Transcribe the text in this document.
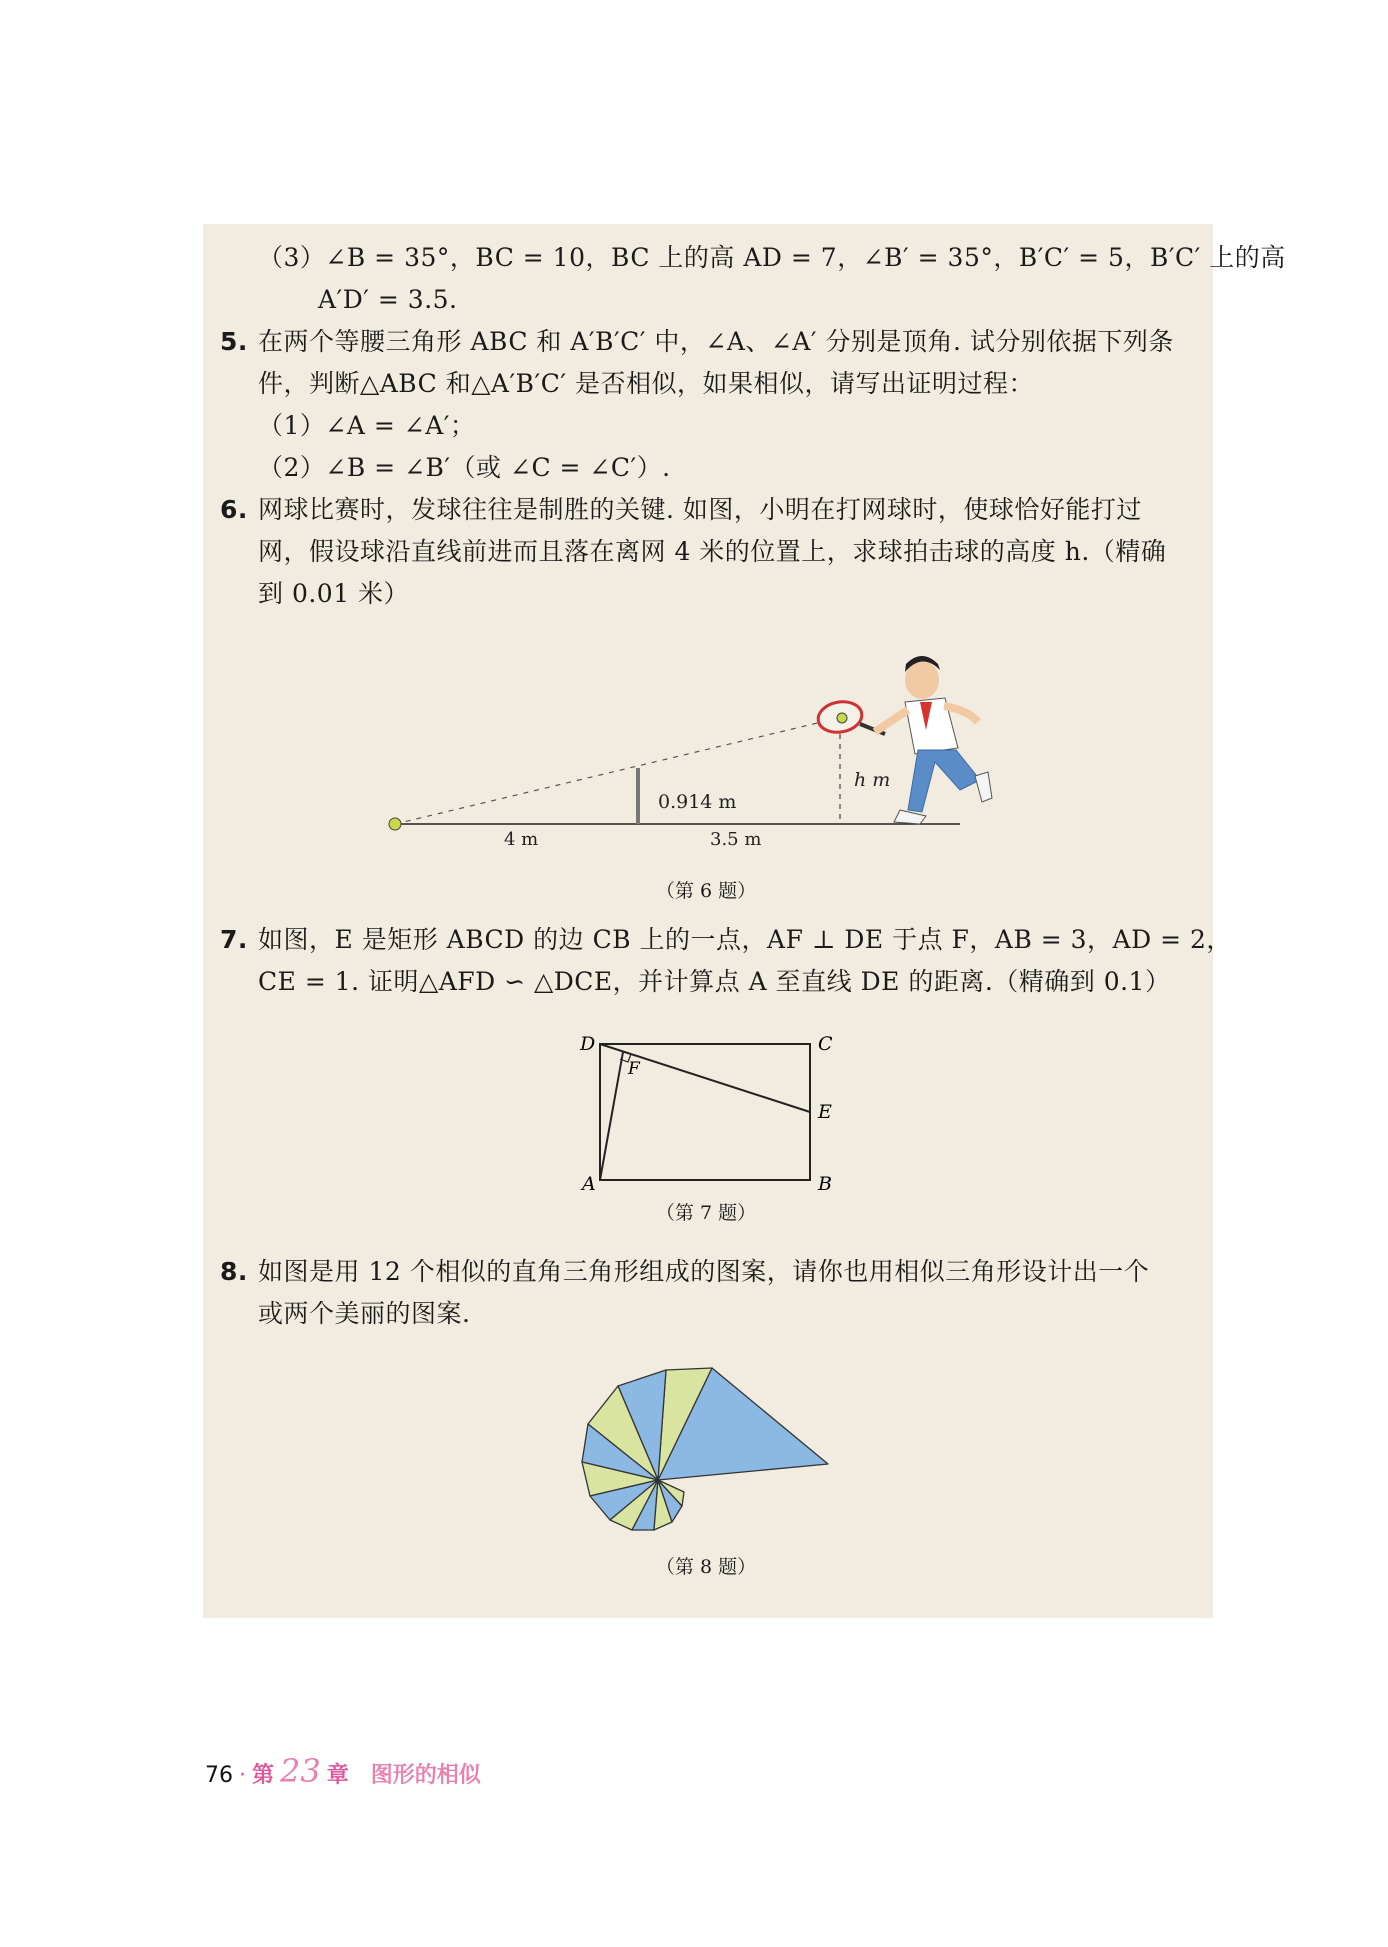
（3）∠B = 35°，BC = 10，BC 上的高 AD = 7，∠B′ = 35°，B′C′ = 5，B′C′ 上的高
A′D′ = 3.5.
5. 在两个等腰三角形 ABC 和 A′B′C′ 中，∠A、∠A′ 分别是顶角. 试分别依据下列条
件，判断△ABC 和△A′B′C′ 是否相似，如果相似，请写出证明过程：
（1）∠A = ∠A′；
（2）∠B = ∠B′（或 ∠C = ∠C′）.
6. 网球比赛时，发球往往是制胜的关键. 如图，小明在打网球时，使球恰好能打过
网，假设球沿直线前进而且落在离网 4 米的位置上，求球拍击球的高度 h.（精确
到 0.01 米）
0.914 m
h m
4 m	3.5 m
（第 6 题）
7. 如图，E 是矩形 ABCD 的边 CB 上的一点，AF ⊥ DE 于点 F，AB = 3，AD = 2，
CE = 1. 证明△AFD ∽ △DCE，并计算点 A 至直线 DE 的距离.（精确到 0.1）
D	C
E
F
A	B
（第 7 题）
8. 如图是用 12 个相似的直角三角形组成的图案，请你也用相似三角形设计出一个
或两个美丽的图案.
（第 8 题）
76 · 第 23 章 图形的相似
